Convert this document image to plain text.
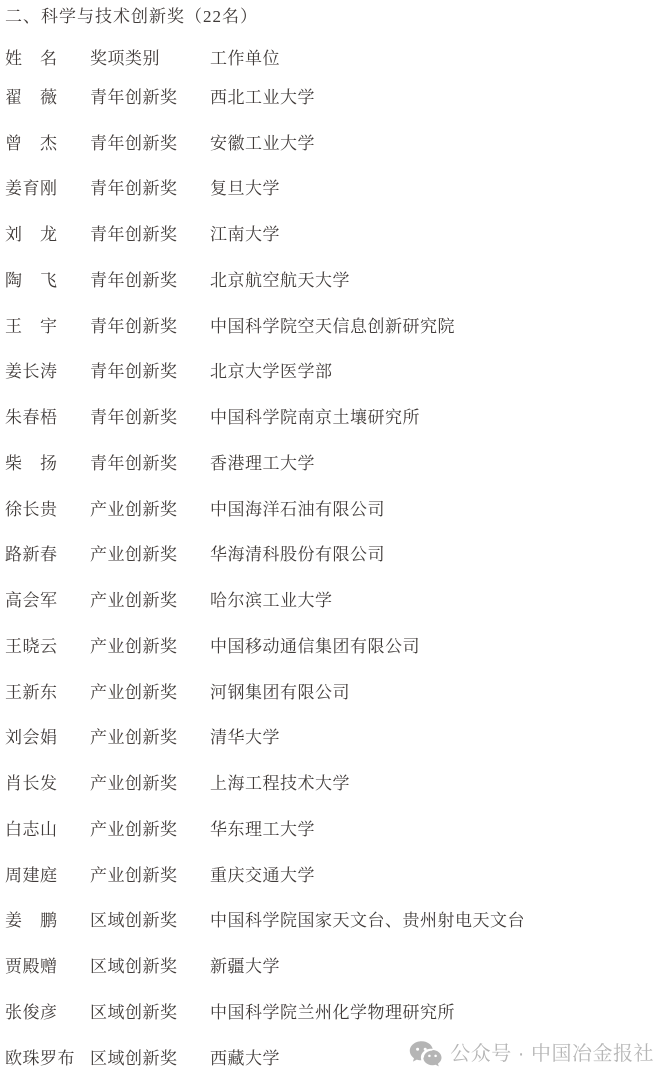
二、科学与技术创新奖（22名）
姓　名	奖项类别	工作单位
翟　薇	青年创新奖	西北工业大学
曾　杰	青年创新奖	安徽工业大学
姜育刚	青年创新奖	复旦大学
刘　龙	青年创新奖	江南大学
陶　飞	青年创新奖	北京航空航天大学
王　宇	青年创新奖	中国科学院空天信息创新研究院
姜长涛	青年创新奖	北京大学医学部
朱春梧	青年创新奖	中国科学院南京土壤研究所
柴　扬	青年创新奖	香港理工大学
徐长贵	产业创新奖	中国海洋石油有限公司
路新春	产业创新奖	华海清科股份有限公司
高会军	产业创新奖	哈尔滨工业大学
王晓云	产业创新奖	中国移动通信集团有限公司
王新东	产业创新奖	河钢集团有限公司
刘会娟	产业创新奖	清华大学
肖长发	产业创新奖	上海工程技术大学
白志山	产业创新奖	华东理工大学
周建庭	产业创新奖	重庆交通大学
姜　鹏	区域创新奖	中国科学院国家天文台、贵州射电天文台
贾殿赠	区域创新奖	新疆大学
张俊彦	区域创新奖	中国科学院兰州化学物理研究所
欧珠罗布 区域创新奖	西藏大学	公众号 · 中国冶金报社
